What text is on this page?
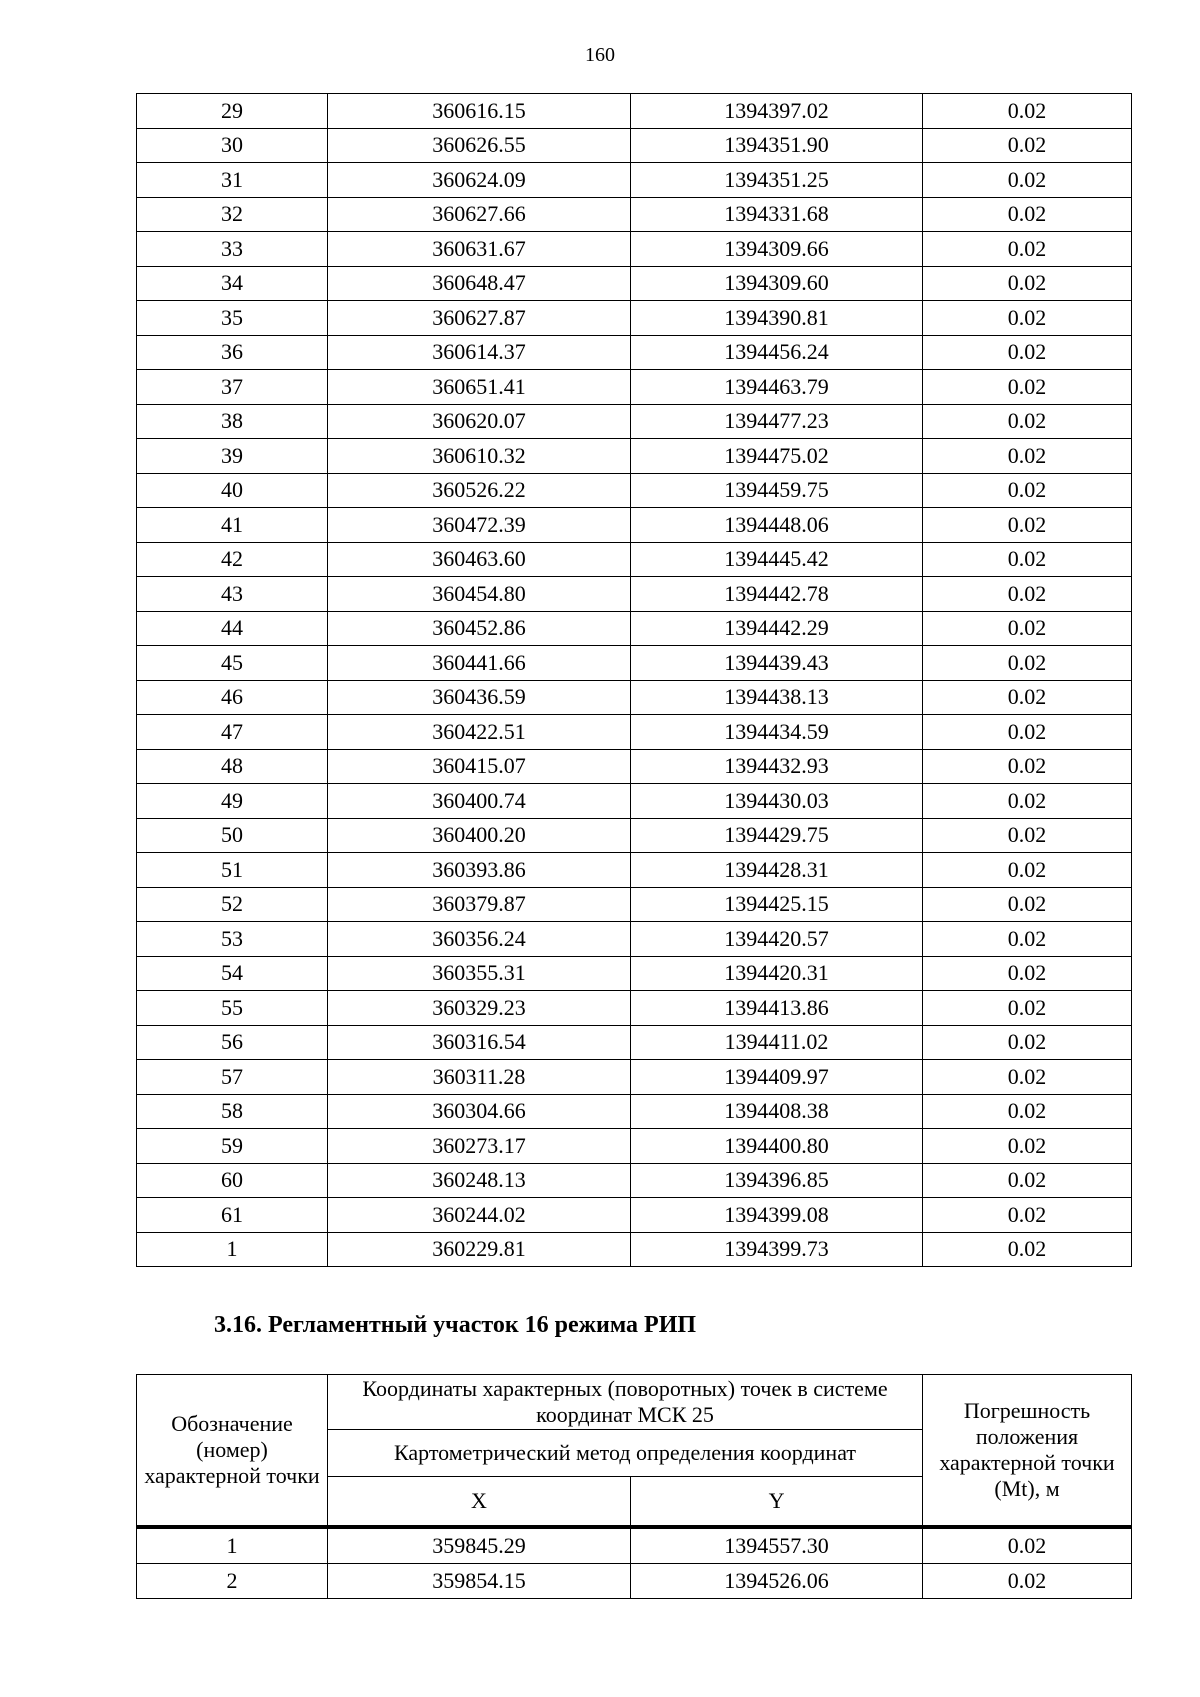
160
29	360616.15	1394397.02	0.02
30	360626.55	1394351.90	0.02
31	360624.09	1394351.25	0.02
32	360627.66	1394331.68	0.02
33	360631.67	1394309.66	0.02
34	360648.47	1394309.60	0.02
35	360627.87	1394390.81	0.02
36	360614.37	1394456.24	0.02
37	360651.41	1394463.79	0.02
38	360620.07	1394477.23	0.02
39	360610.32	1394475.02	0.02
40	360526.22	1394459.75	0.02
41	360472.39	1394448.06	0.02
42	360463.60	1394445.42	0.02
43	360454.80	1394442.78	0.02
44	360452.86	1394442.29	0.02
45	360441.66	1394439.43	0.02
46	360436.59	1394438.13	0.02
47	360422.51	1394434.59	0.02
48	360415.07	1394432.93	0.02
49	360400.74	1394430.03	0.02
50	360400.20	1394429.75	0.02
51	360393.86	1394428.31	0.02
52	360379.87	1394425.15	0.02
53	360356.24	1394420.57	0.02
54	360355.31	1394420.31	0.02
55	360329.23	1394413.86	0.02
56	360316.54	1394411.02	0.02
57	360311.28	1394409.97	0.02
58	360304.66	1394408.38	0.02
59	360273.17	1394400.80	0.02
60	360248.13	1394396.85	0.02
61	360244.02	1394399.08	0.02
1	360229.81	1394399.73	0.02
3.16. Регламентный участок 16 режима РИП
Обозначение (номер) характерной точки	Координаты характерных (поворотных) точек в системе координат МСК 25		Погрешность положения характерной точки (Mt), м
	Картометрический метод определения координат		
	X	Y	

1	359845.29	1394557.30	0.02
2	359854.15	1394526.06	0.02
